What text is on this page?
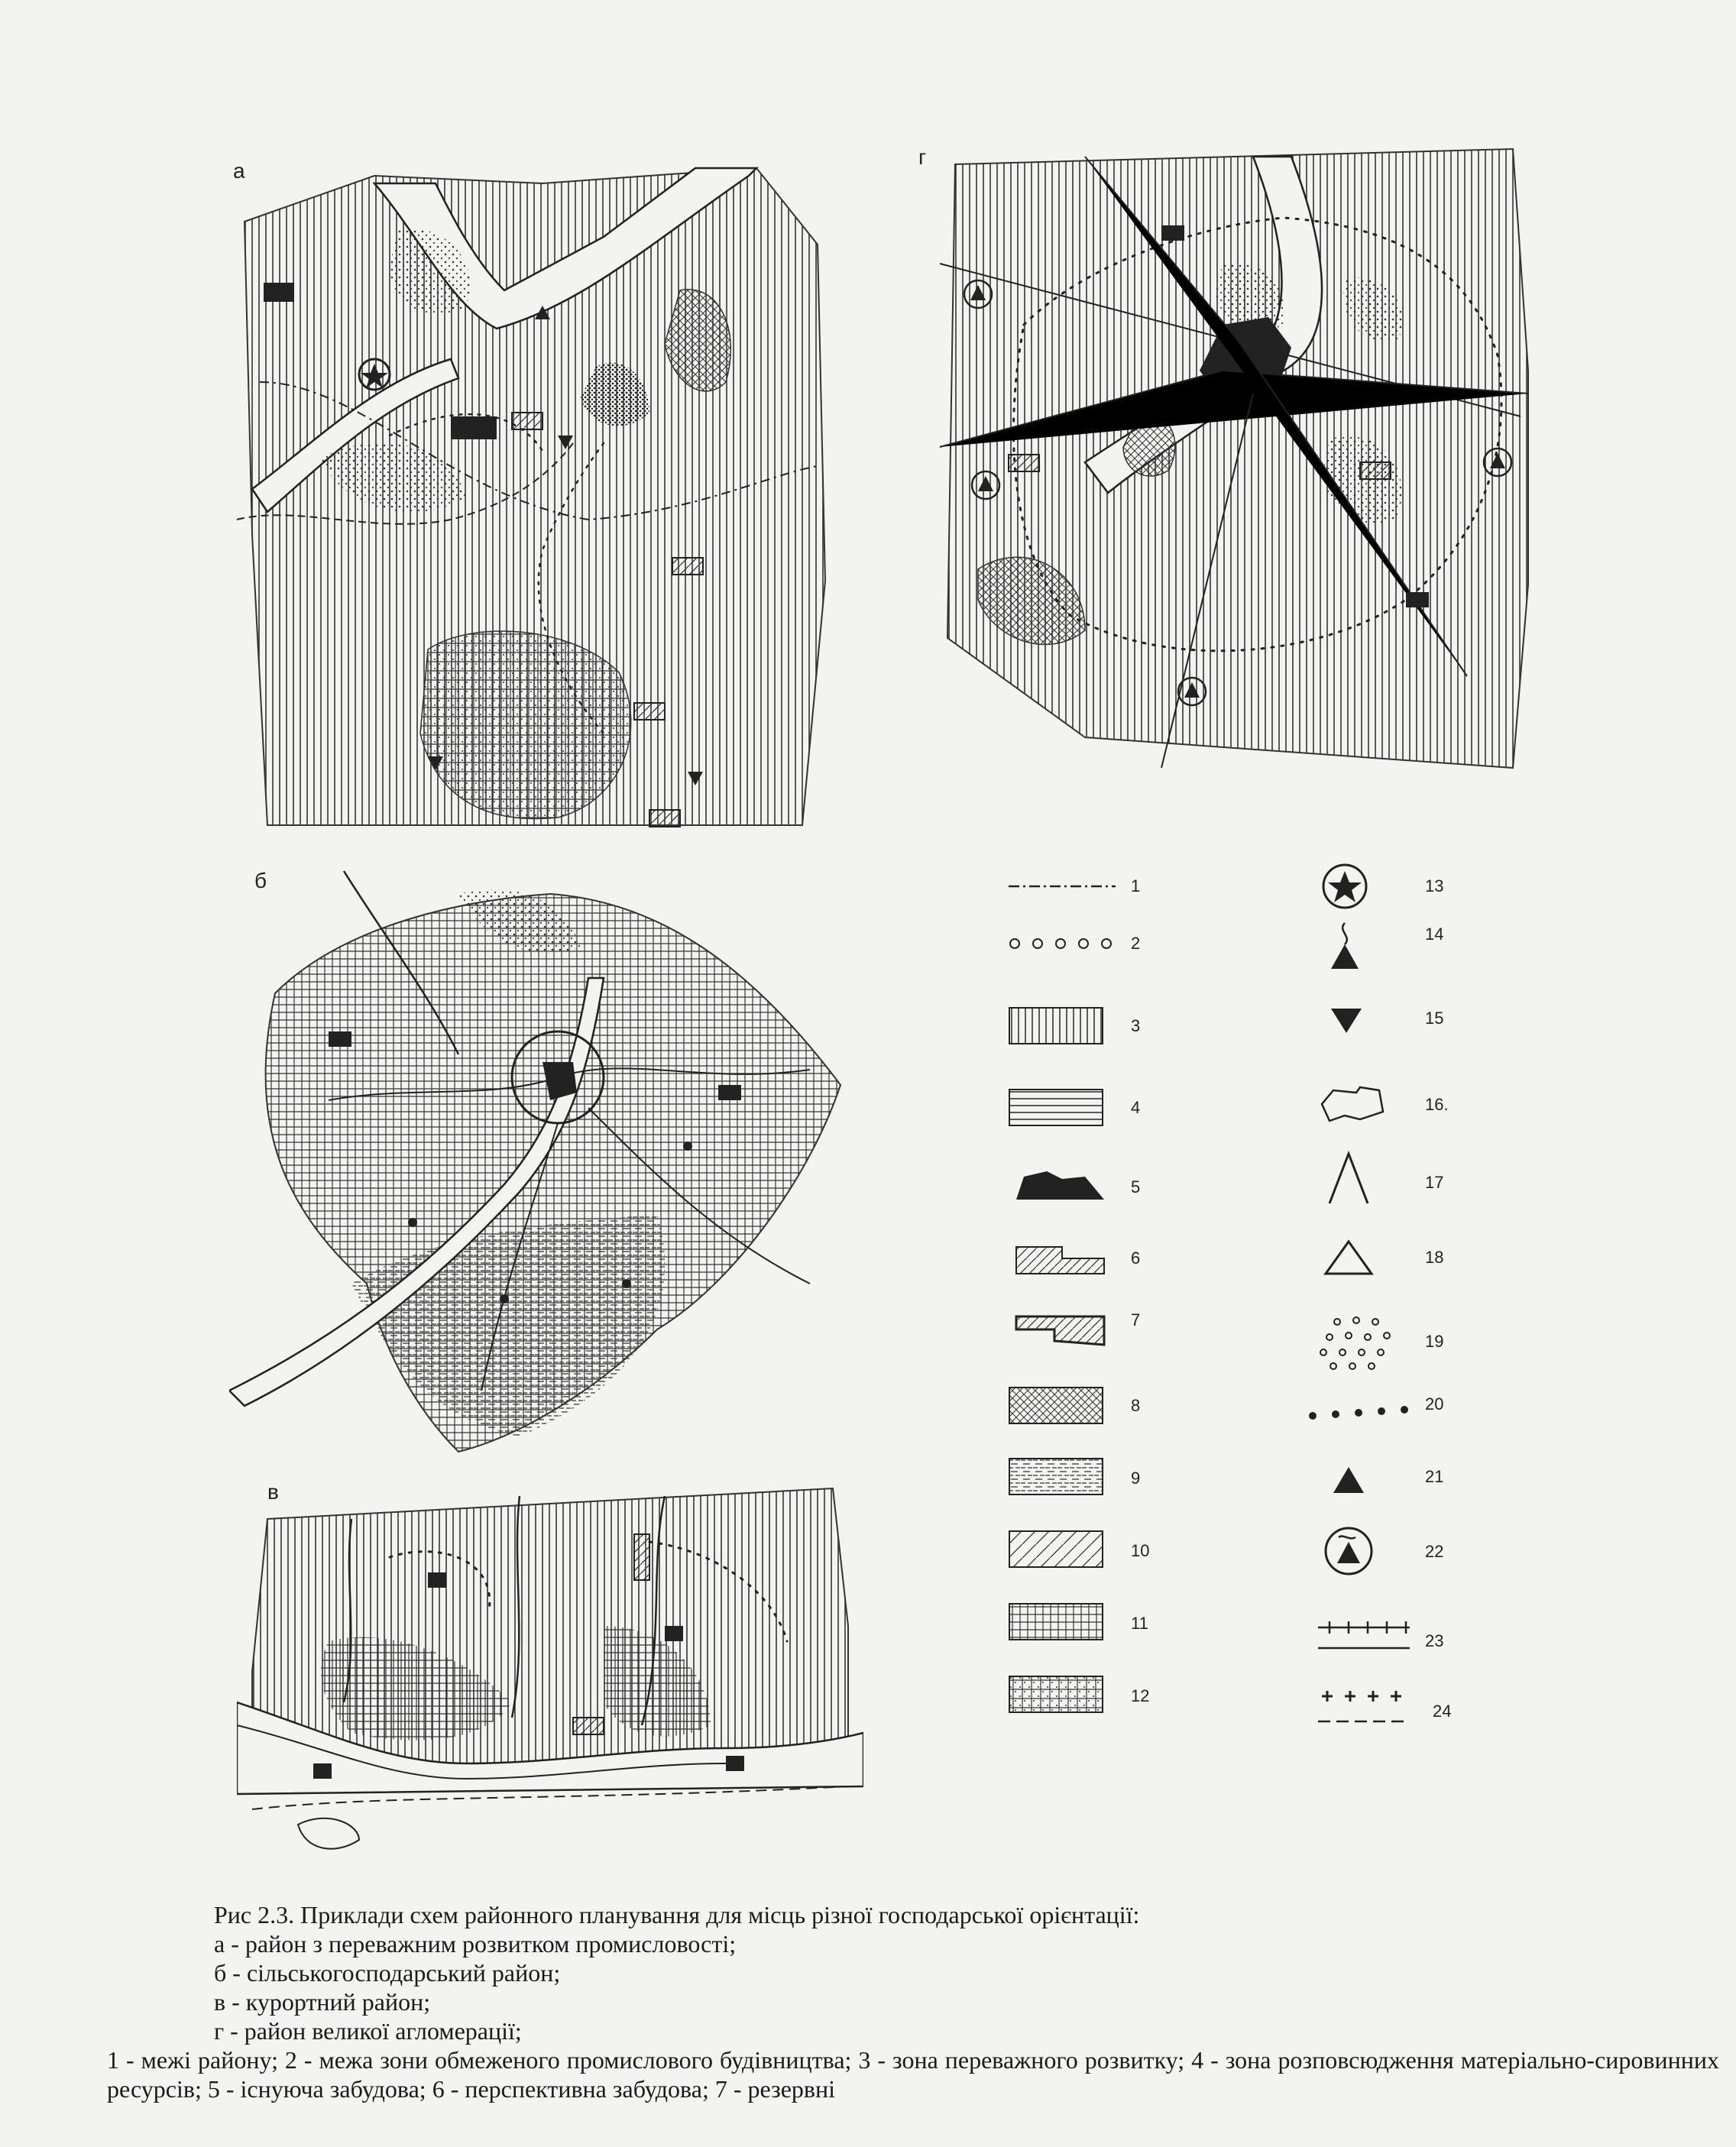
а
г
б
в
1
2
3
4
5
6
7
8
9
10
11
12
13
14
15
16.
17
18
19
20
21
22
23
24

Рис 2.3. Приклади схем районного планування для місць різної господарської орієнтації:

а - район з переважним розвитком промисловості;

б - сільськогосподарський район;

в - курортний район;

г - район великої агломерації;

1 - межі району; 2 - межа зони обмеженого промислового будівництва; 3 - зона переважного розвитку; 4 - зона розповсюдження матеріально-сировинних ресурсів; 5 - існуюча забудова; 6 - перспективна забудова; 7 - резервні
